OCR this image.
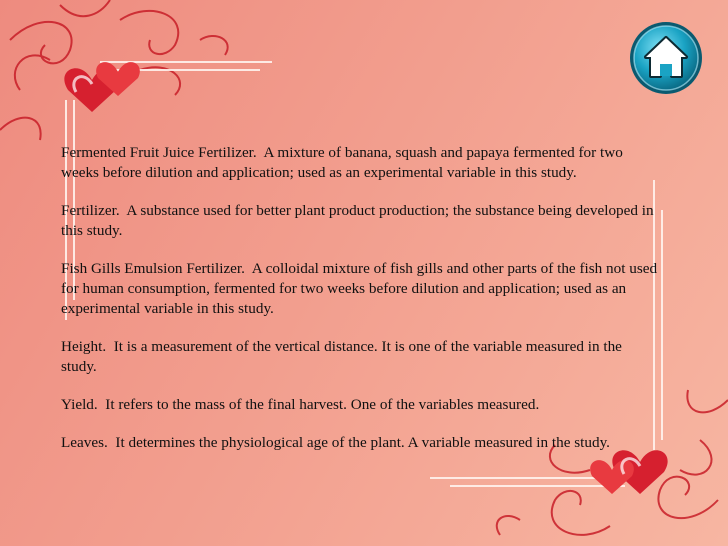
Fermented Fruit Juice Fertilizer. A mixture of banana, squash and papaya fermented for two weeks before dilution and application; used as an experimental variable in this study.

Fertilizer. A substance used for better plant product production; the substance being developed in this study.

Fish Gills Emulsion Fertilizer. A colloidal mixture of fish gills and other parts of the fish not used for human consumption, fermented for two weeks before dilution and application; used as an experimental variable in this study.

Height. It is a measurement of the vertical distance. It is one of the variable measured in the study.

Yield. It refers to the mass of the final harvest. One of the variables measured.

Leaves. It determines the physiological age of the plant. A variable measured in the study.
